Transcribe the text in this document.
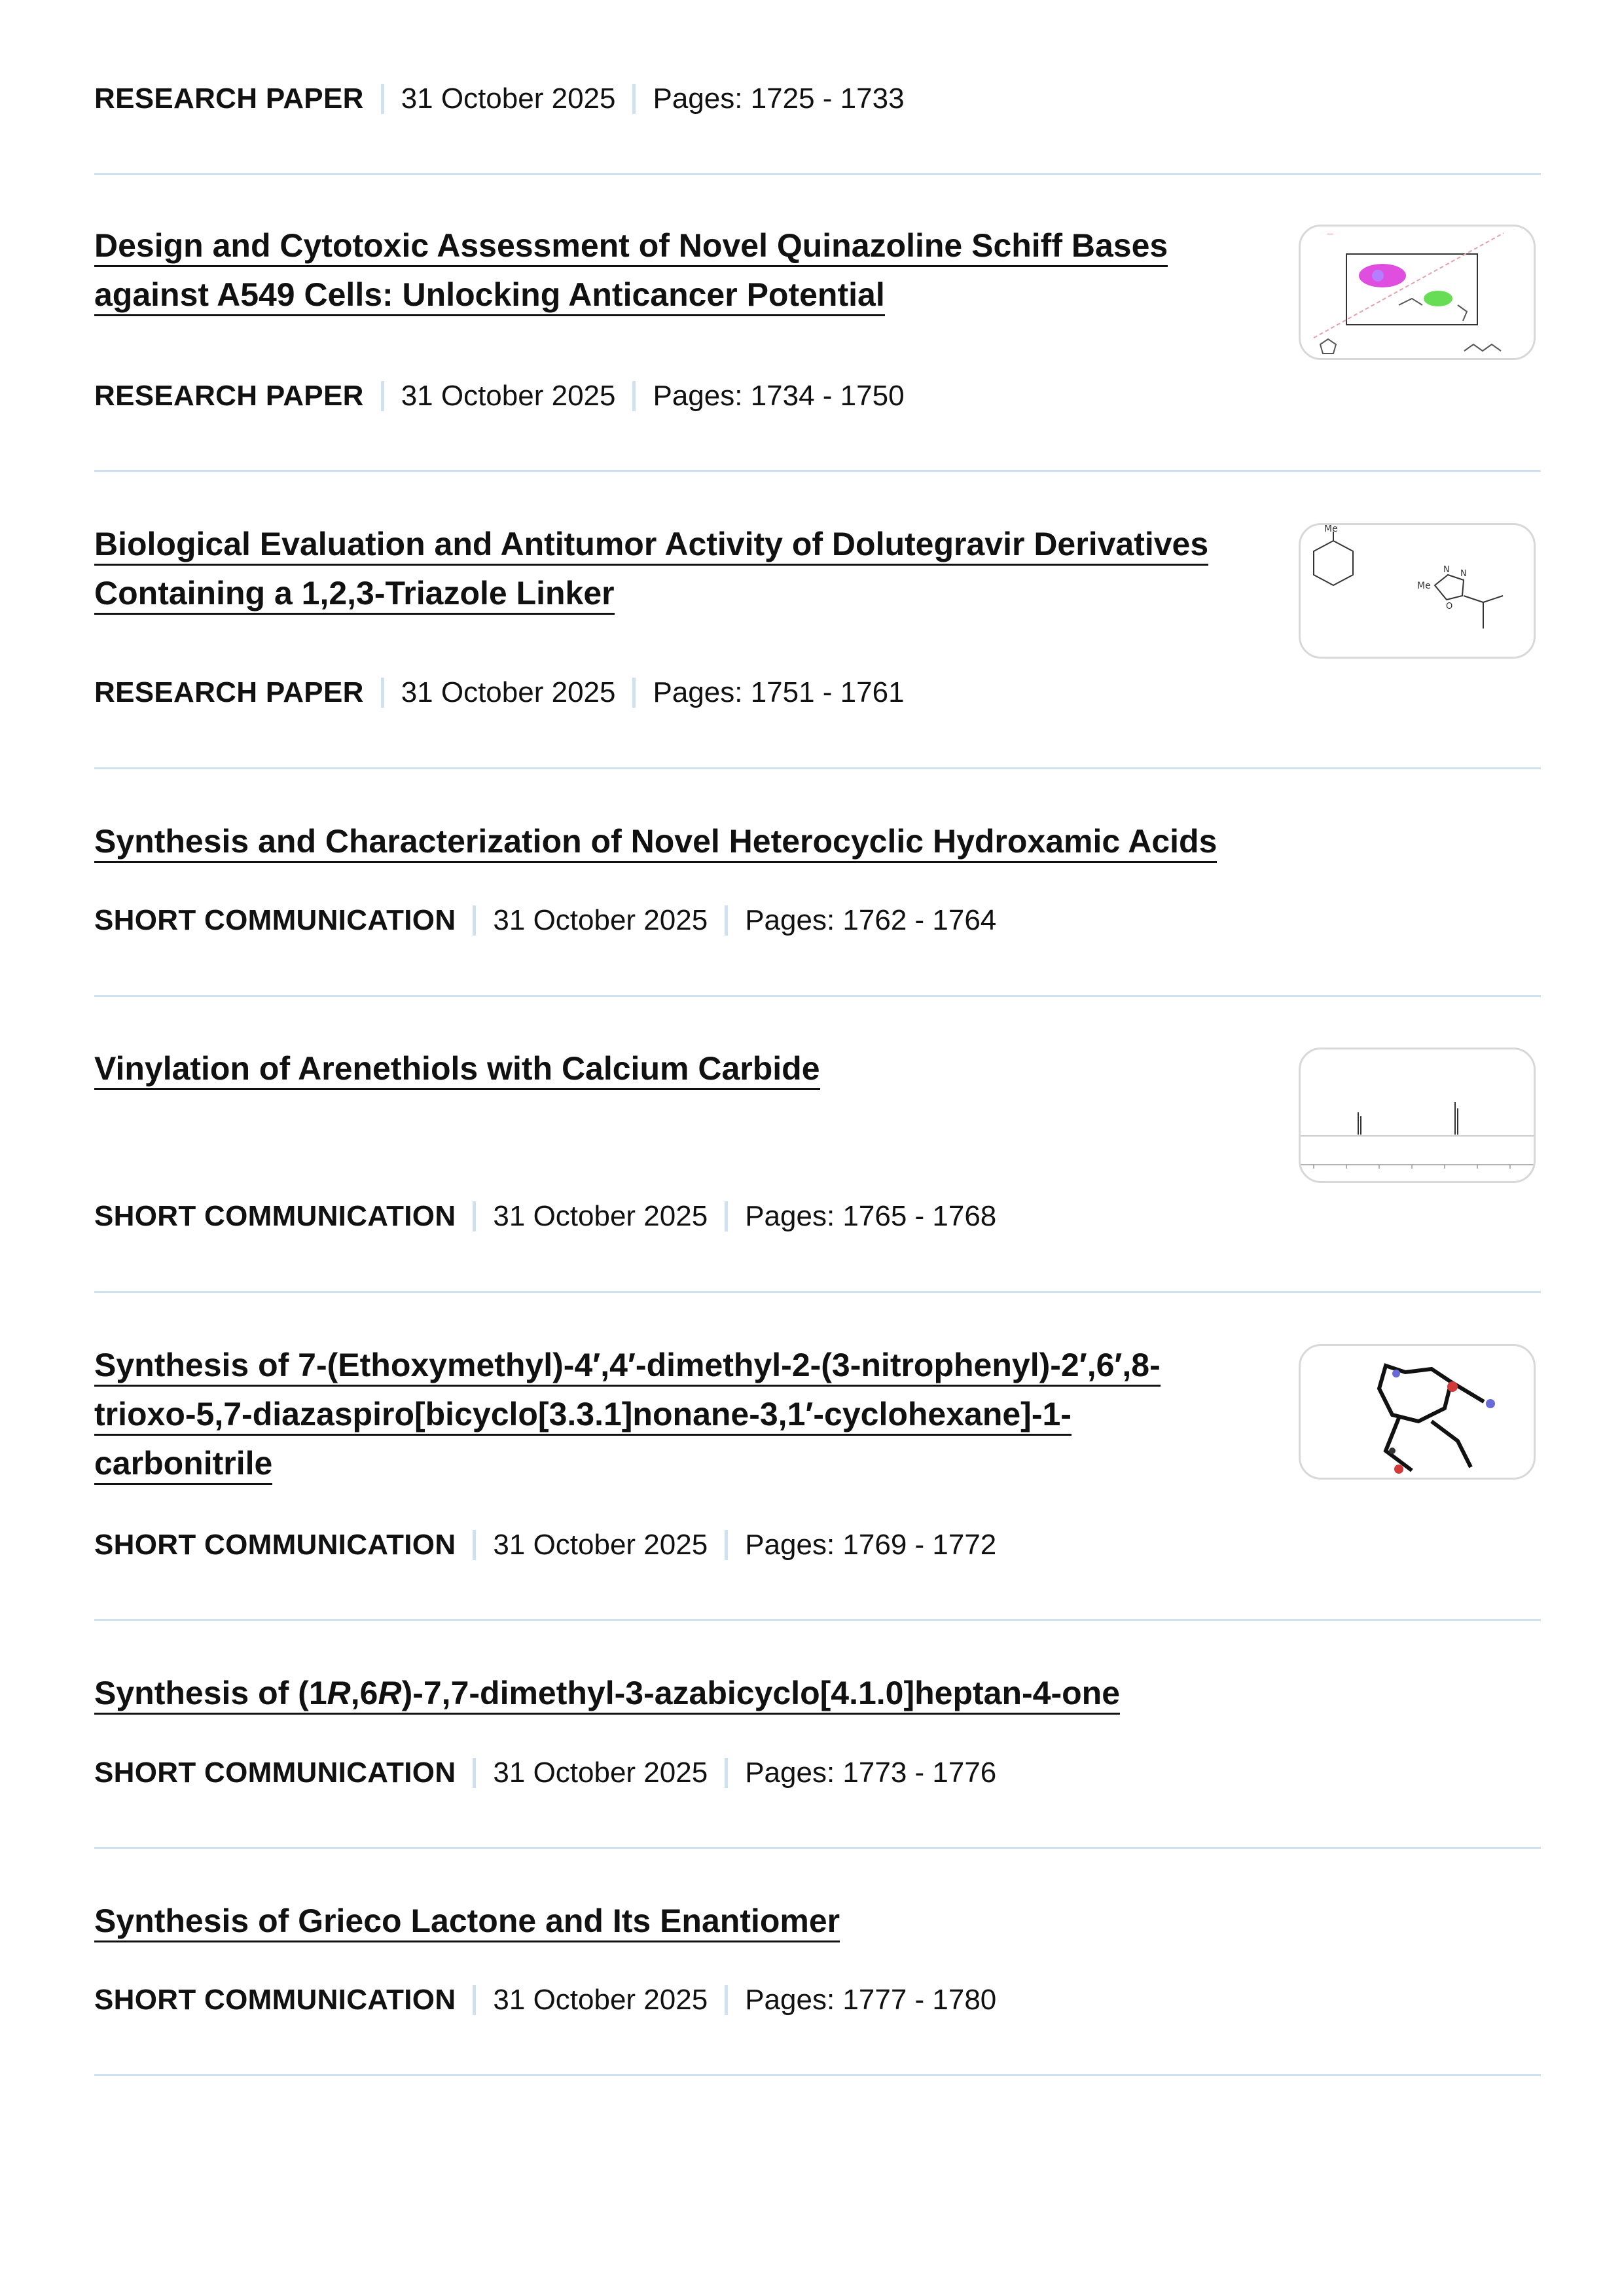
RESEARCH PAPER 31 October 2025 Pages: 1725 - 1733
Design and Cytotoxic Assessment of Novel Quinazoline Schiff Bases
against A549 Cells: Unlocking Anticancer Potential
—
RESEARCH PAPER 31 October 2025 Pages: 1734 - 1750
Biological Evaluation and Antitumor Activity of Dolutegravir Derivatives
Containing a 1,2,3-Triazole Linker
Me
Me
N N
O
RESEARCH PAPER 31 October 2025 Pages: 1751 - 1761
Synthesis and Characterization of Novel Heterocyclic Hydroxamic Acids
SHORT COMMUNICATION 31 October 2025 Pages: 1762 - 1764
Vinylation of Arenethiols with Calcium Carbide
SHORT COMMUNICATION 31 October 2025 Pages: 1765 - 1768
Synthesis of 7-(Ethoxymethyl)-4′,4′-dimethyl-2-(3-nitrophenyl)-2′,6′,8-
trioxo-5,7-diazaspiro[bicyclo[3.3.1]nonane-3,1′-cyclohexane]-1-
carbonitrile
SHORT COMMUNICATION 31 October 2025 Pages: 1769 - 1772
Synthesis of (1R,6R)-7,7-dimethyl-3-azabicyclo[4.1.0]heptan-4-one
SHORT COMMUNICATION 31 October 2025 Pages: 1773 - 1776
Synthesis of Grieco Lactone and Its Enantiomer
SHORT COMMUNICATION 31 October 2025 Pages: 1777 - 1780
